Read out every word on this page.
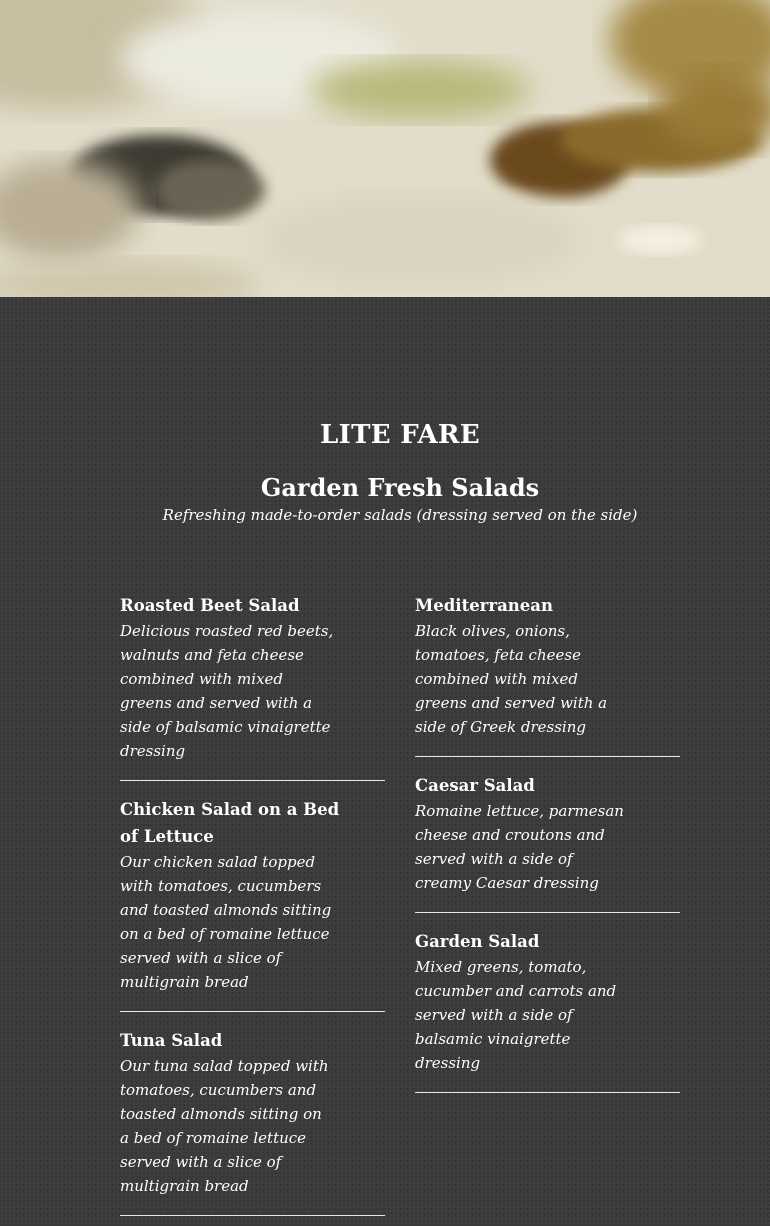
LITE FARE
Garden Fresh Salads
Refreshing made-to-order salads (dressing served on the side)
Roasted Beet Salad
Delicious roasted red beets, walnuts and feta cheese combined with mixed greens and served with a side of balsamic vinaigrette dressing
Chicken Salad on a Bed of Lettuce
Our chicken salad topped with tomatoes, cucumbers and toasted almonds sitting on a bed of romaine lettuce served with a slice of multigrain bread
Tuna Salad
Our tuna salad topped with tomatoes, cucumbers and toasted almonds sitting on a bed of romaine lettuce served with a slice of multigrain bread
Mediterranean
Black olives, onions, tomatoes, feta cheese combined with mixed greens and served with a side of Greek dressing
Caesar Salad
Romaine lettuce, parmesan cheese and croutons and served with a side of creamy Caesar dressing
Garden Salad
Mixed greens, tomato, cucumber and carrots and served with a side of balsamic vinaigrette dressing
